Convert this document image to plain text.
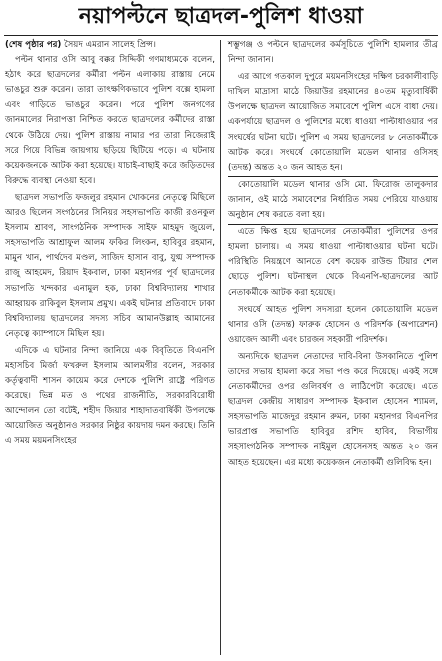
নয়াপল্টনে ছাত্রদল-পুলিশ ধাওয়া

(শেষ পৃষ্ঠার পর) সৈয়দ এমরান সালেহ প্রিন্স।

পল্টন থানার ওসি আবু বক্কর সিদ্দিকী গণমাধ্যমকে বলেন, হঠাৎ করে ছাত্রদলের কর্মীরা পল্টন এলাকায় রাস্তায় নেমে ভাঙচুর শুরু করেন। তারা তাৎক্ষণিকভাবে পুলিশ বক্সে হামলা এবং গাড়িতে ভাঙচুর করেন। পরে পুলিশ জনগণের জানমালের নিরাপত্তা নিশ্চিত করতে ছাত্রদলের কর্মীদের রাস্তা থেকে উঠিয়ে দেয়। পুলিশ রাস্তায় নামার পর তারা নিজেরাই সরে গিয়ে বিভিন্ন জায়গায় ছড়িয়ে ছিটিয়ে পড়ে। এ ঘটনায় কয়েকজনকে আটক করা হয়েছে। যাচাই-বাছাই করে জড়িতদের বিরুদ্ধে ব্যবস্থা নেওয়া হবে।

ছাত্রদল সভাপতি ফজলুর রহমান খোকনের নেতৃত্বে মিছিলে আরও ছিলেন সংগঠনের সিনিয়র সহসভাপতি কাজী রওনকুল ইসলাম শ্রাবণ, সাংগঠনিক সম্পাদক সাইফ মাহমুদ জুয়েল, সহসভাপতি আশ্রাফুল আলম ফকির লিংকন, হাবিবুর রহমান, মামুন খান, পার্থদেব মণ্ডল, সাজিদ হাসান বাবু, যুগ্ম সম্পাদক রাজু আহমেদ, রিয়াদ ইকবাল, ঢাকা মহানগর পূর্ব ছাত্রদলের সভাপতি খন্দকার এনামুল হক, ঢাকা বিশ্ববিদ্যালয় শাখার আহ্বায়ক রাকিবুল ইসলাম প্রমুখ। একই ঘটনার প্রতিবাদে ঢাকা বিশ্ববিদ্যালয় ছাত্রদলের সদস্য সচিব আমানউল্লাহ আমানের নেতৃত্বে ক্যাম্পাসে মিছিল হয়।

এদিকে এ ঘটনার নিন্দা জানিয়ে এক বিবৃতিতে বিএনপি মহাসচিব মির্জা ফখরুল ইসলাম আলমগীর বলেন, সরকার কর্তৃত্ববাদী শাসন কায়েম করে দেশকে পুলিশি রাষ্ট্রে পরিণত করেছে। ভিন্ন মত ও পথের রাজনীতি, সরকারবিরোধী আন্দোলন তো বটেই, শহীদ জিয়ার শাহাদাতবার্ষিকী উপলক্ষে আয়োজিত অনুষ্ঠানও সরকার নিষ্ঠুর কায়দায় দমন করছে। তিনি এ সময় ময়মনসিংহের

শম্ভুগঞ্জ ও পল্টনে ছাত্রদলের কর্মসূচিতে পুলিশি হামলার তীব্র নিন্দা জানান।

এর আগে গতকাল দুপুরে ময়মনসিংহের দক্ষিণ চরকালীবাড়ি দাখিল মাদ্রাসা মাঠে জিয়াউর রহমানের ৪০তম মৃত্যুবার্ষিকী উপলক্ষে ছাত্রদল আয়োজিত সমাবেশে পুলিশ এসে বাধা দেয়। একপর্যায়ে ছাত্রদল ও পুলিশের মধ্যে ধাওয়া পাল্টাধাওয়ার পর সংঘর্ষের ঘটনা ঘটে। পুলিশ এ সময় ছাত্রদলের ৮ নেতাকর্মীকে আটক করে। সংঘর্ষে কোতোয়ালি মডেল থানার ওসিসহ (তদন্ত) অন্তত ২০ জন আহত হন।

কোতোয়ালি মডেল থানার ওসি মো. ফিরোজ তালুকদার জানান, ওই মাঠে সমাবেশের নির্ধারিত সময় পেরিয়ে যাওয়ায় অনুষ্ঠান শেষ করতে বলা হয়।

এতে ক্ষিপ্ত হয়ে ছাত্রদলের নেতাকর্মীরা পুলিশের ওপর হামলা চালায়। এ সময় ধাওয়া পাল্টাধাওয়ার ঘটনা ঘটে। পরিস্থিতি নিয়ন্ত্রণে আনতে বেশ কয়েক রাউন্ড টিয়ার শেল ছোড়ে পুলিশ। ঘটনাস্থল থেকে বিএনপি-ছাত্রদলের আট নেতাকর্মীকে আটক করা হয়েছে।

সংঘর্ষে আহত পুলিশ সদস্যরা হলেন কোতোয়ালি মডেল থানার ওসি (তদন্ত) ফারুক হোসেন ও পরিদর্শক (অপারেশন) ওয়াজেদ আলী এবং চারজন সহকারী পরিদর্শক।

অন্যদিকে ছাত্রদল নেতাদের দাবি-বিনা উসকানিতে পুলিশ তাদের সভায় হামলা করে সভা পণ্ড করে দিয়েছে। একই সঙ্গে নেতাকর্মীদের ওপর গুলিবর্ষণ ও লাঠিপেটা করেছে। এতে ছাত্রদল কেন্দ্রীয় সাধারণ সম্পাদক ইকবাল হোসেন শ্যামল, সহসভাপতি মাজেদুর রহমান রুমন, ঢাকা মহানগর বিএনপির ভারপ্রাপ্ত সভাপতি হাবিবুর রশিদ হাবিব, বিভাগীয় সহসাংগঠনিক সম্পাদক নাইমুল হোসেনসহ অন্তত ২০ জন আহত হয়েছেন। এর মধ্যে কয়েকজন নেতাকর্মী গুলিবিদ্ধ হন।
